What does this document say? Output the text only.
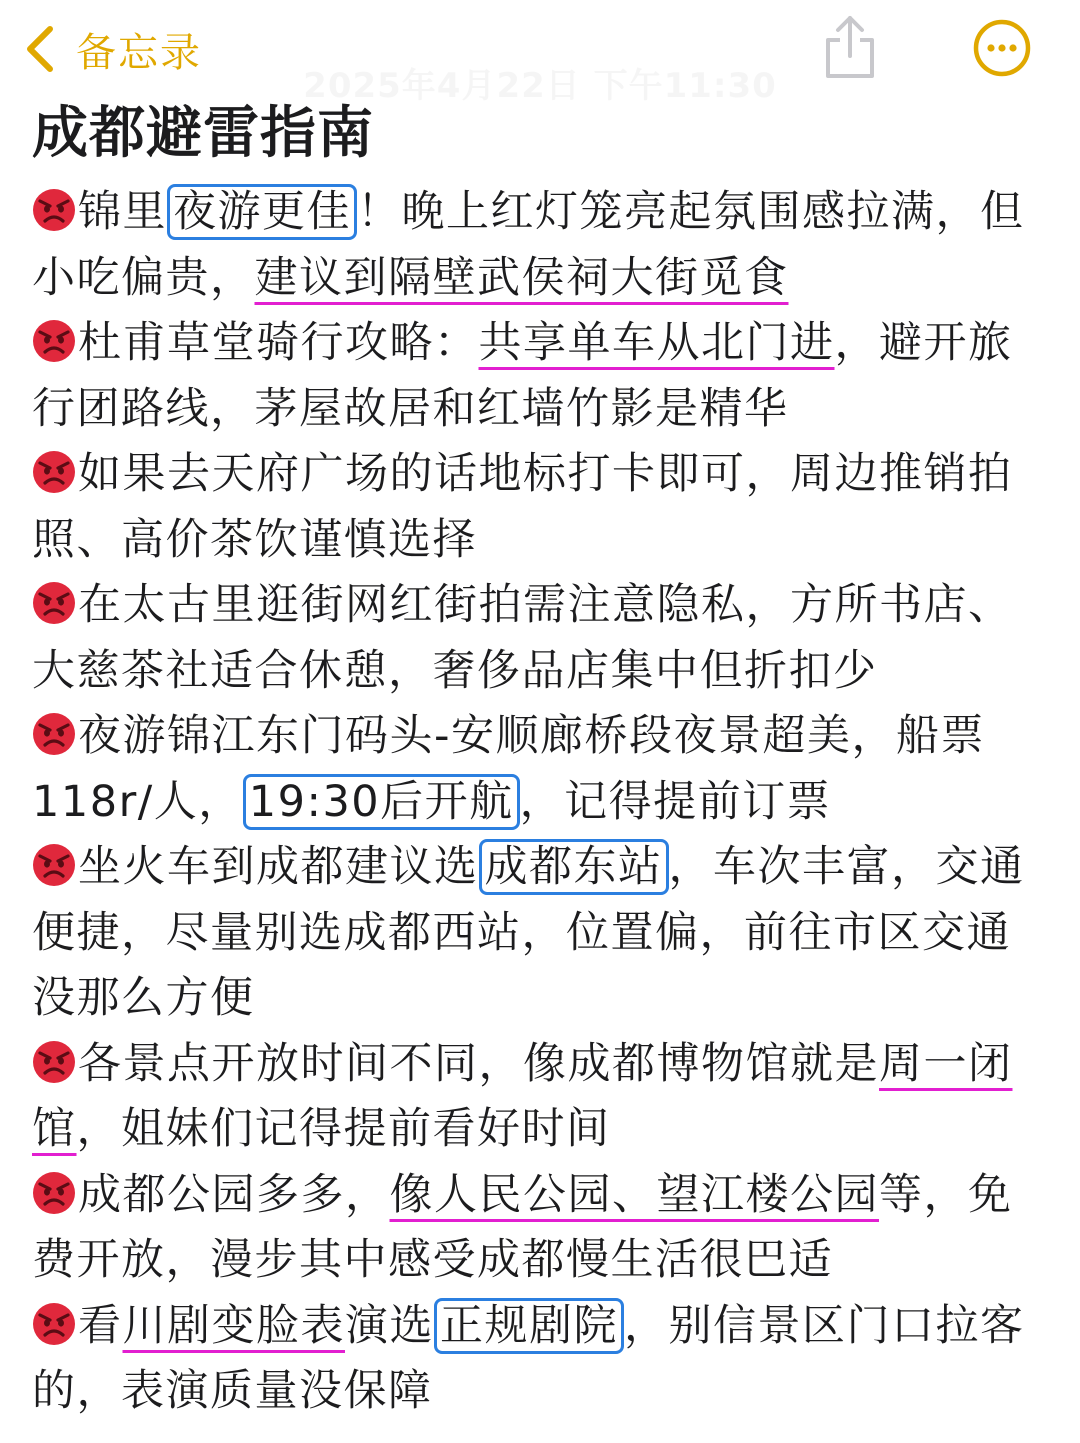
备忘录
成都避雷指南

锦里 夜游更佳 ！晚上红灯笼亮起氛围感拉满，但小吃偏贵，建议到隔壁武侯祠大街觅食

杜甫草堂骑行攻略：共享单车从北门进，避开旅行团路线，茅屋故居和红墙竹影是精华

如果去天府广场的话地标打卡即可，周边推销拍照、高价茶饮谨慎选择

在太古里逛街网红街拍需注意隐私，方所书店、大慈茶社适合休憩，奢侈品店集中但折扣少

夜游锦江东门码头-安顺廊桥段夜景超美，船票118r/人， 19:30后开航 ，记得提前订票

坐火车到成都建议选 成都东站 ，车次丰富，交通便捷，尽量别选成都西站，位置偏，前往市区交通没那么方便

各景点开放时间不同，像成都博物馆就是周一闭馆，姐妹们记得提前看好时间

成都公园多多，像人民公园、望江楼公园等，免费开放，漫步其中感受成都慢生活很巴适

看川剧变脸表演选 正规剧院 ，别信景区门口拉客的，表演质量没保障
